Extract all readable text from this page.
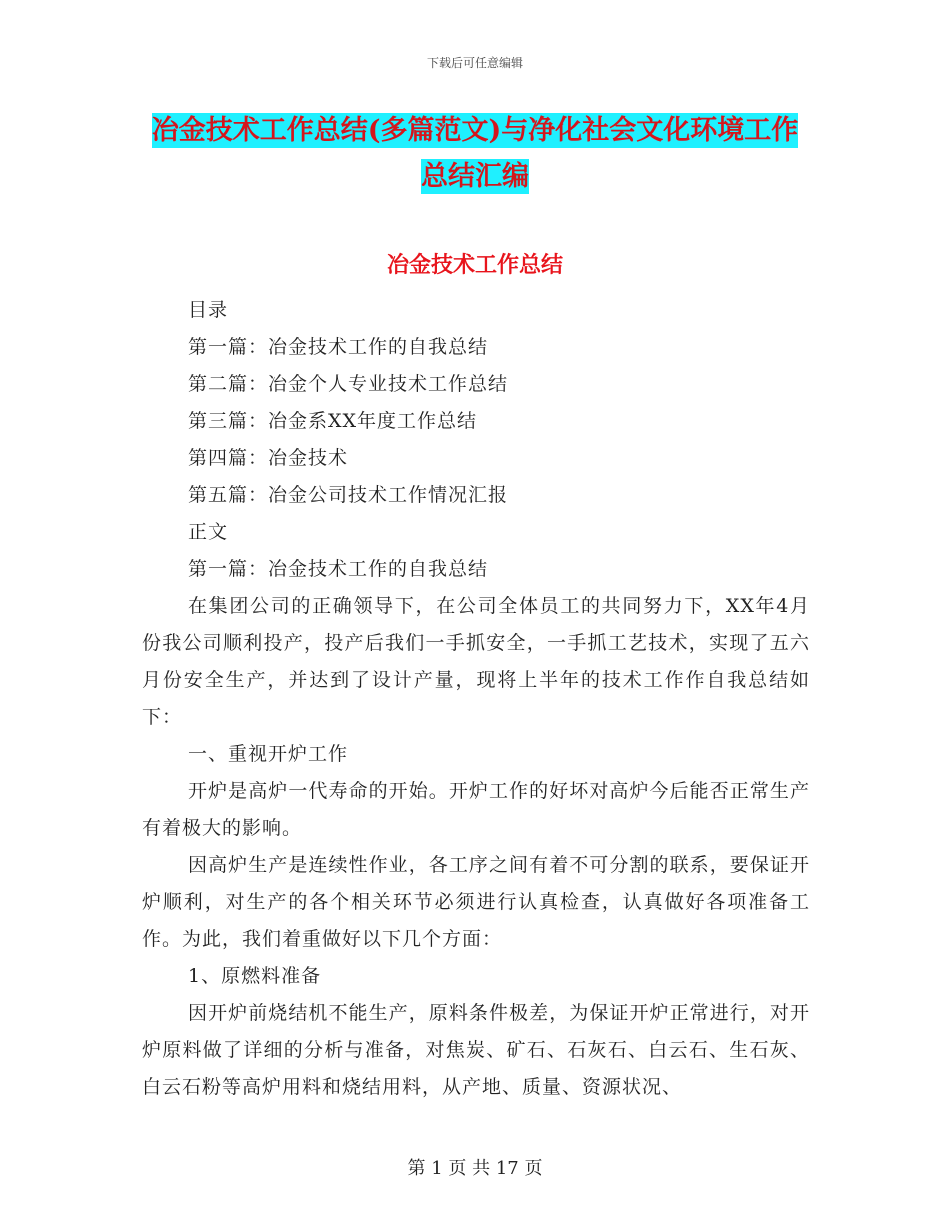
下载后可任意编辑
冶金技术工作总结(多篇范文)与净化社会文化环境工作总结汇编
冶金技术工作总结

目录

第一篇：冶金技术工作的自我总结

第二篇：冶金个人专业技术工作总结

第三篇：冶金系XX年度工作总结

第四篇：冶金技术

第五篇：冶金公司技术工作情况汇报

正文

第一篇：冶金技术工作的自我总结

在集团公司的正确领导下，在公司全体员工的共同努力下，XX年4月份我公司顺利投产，投产后我们一手抓安全，一手抓工艺技术，实现了五六月份安全生产，并达到了设计产量，现将上半年的技术工作作自我总结如下：

一、重视开炉工作

开炉是高炉一代寿命的开始。开炉工作的好坏对高炉今后能否正常生产有着极大的影响。

因高炉生产是连续性作业，各工序之间有着不可分割的联系，要保证开炉顺利，对生产的各个相关环节必须进行认真检查，认真做好各项准备工作。为此，我们着重做好以下几个方面：

1、原燃料准备

因开炉前烧结机不能生产，原料条件极差，为保证开炉正常进行，对开炉原料做了详细的分析与准备，对焦炭、矿石、石灰石、白云石、生石灰、白云石粉等高炉用料和烧结用料，从产地、质量、资源状况、

第 1 页 共 17 页
